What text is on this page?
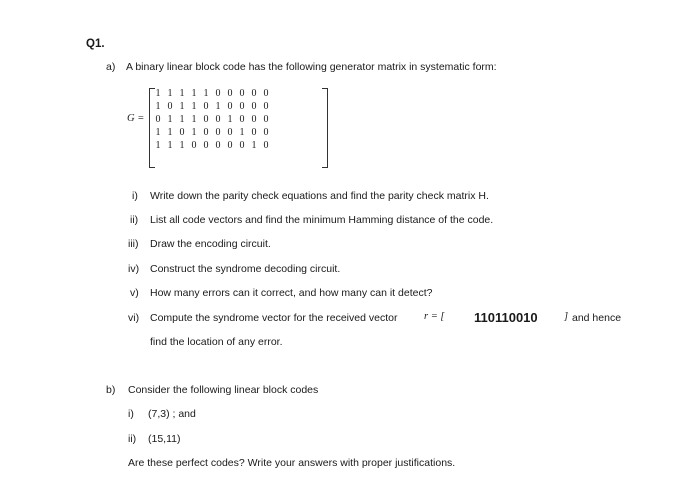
Q1.
a) A binary linear block code has the following generator matrix in systematic form:
G =
1 1 1 1 1 0 0 0 0 0
1 0 1 1 0 1 0 0 0 0
0 1 1 1 0 0 1 0 0 0
1 1 0 1 0 0 0 1 0 0
1 1 1 0 0 0 0 0 1 0
i) Write down the parity check equations and find the parity check matrix H.
ii) List all code vectors and find the minimum Hamming distance of the code.
iii) Draw the encoding circuit.
iv) Construct the syndrome decoding circuit.
v) How many errors can it correct, and how many can it detect?
vi) Compute the syndrome vector for the received vector	r = [ 110110010	] and hence
find the location of any error.
b) Consider the following linear block codes
i) (7,3) ; and
ii) (15,11)
Are these perfect codes? Write your answers with proper justifications.
